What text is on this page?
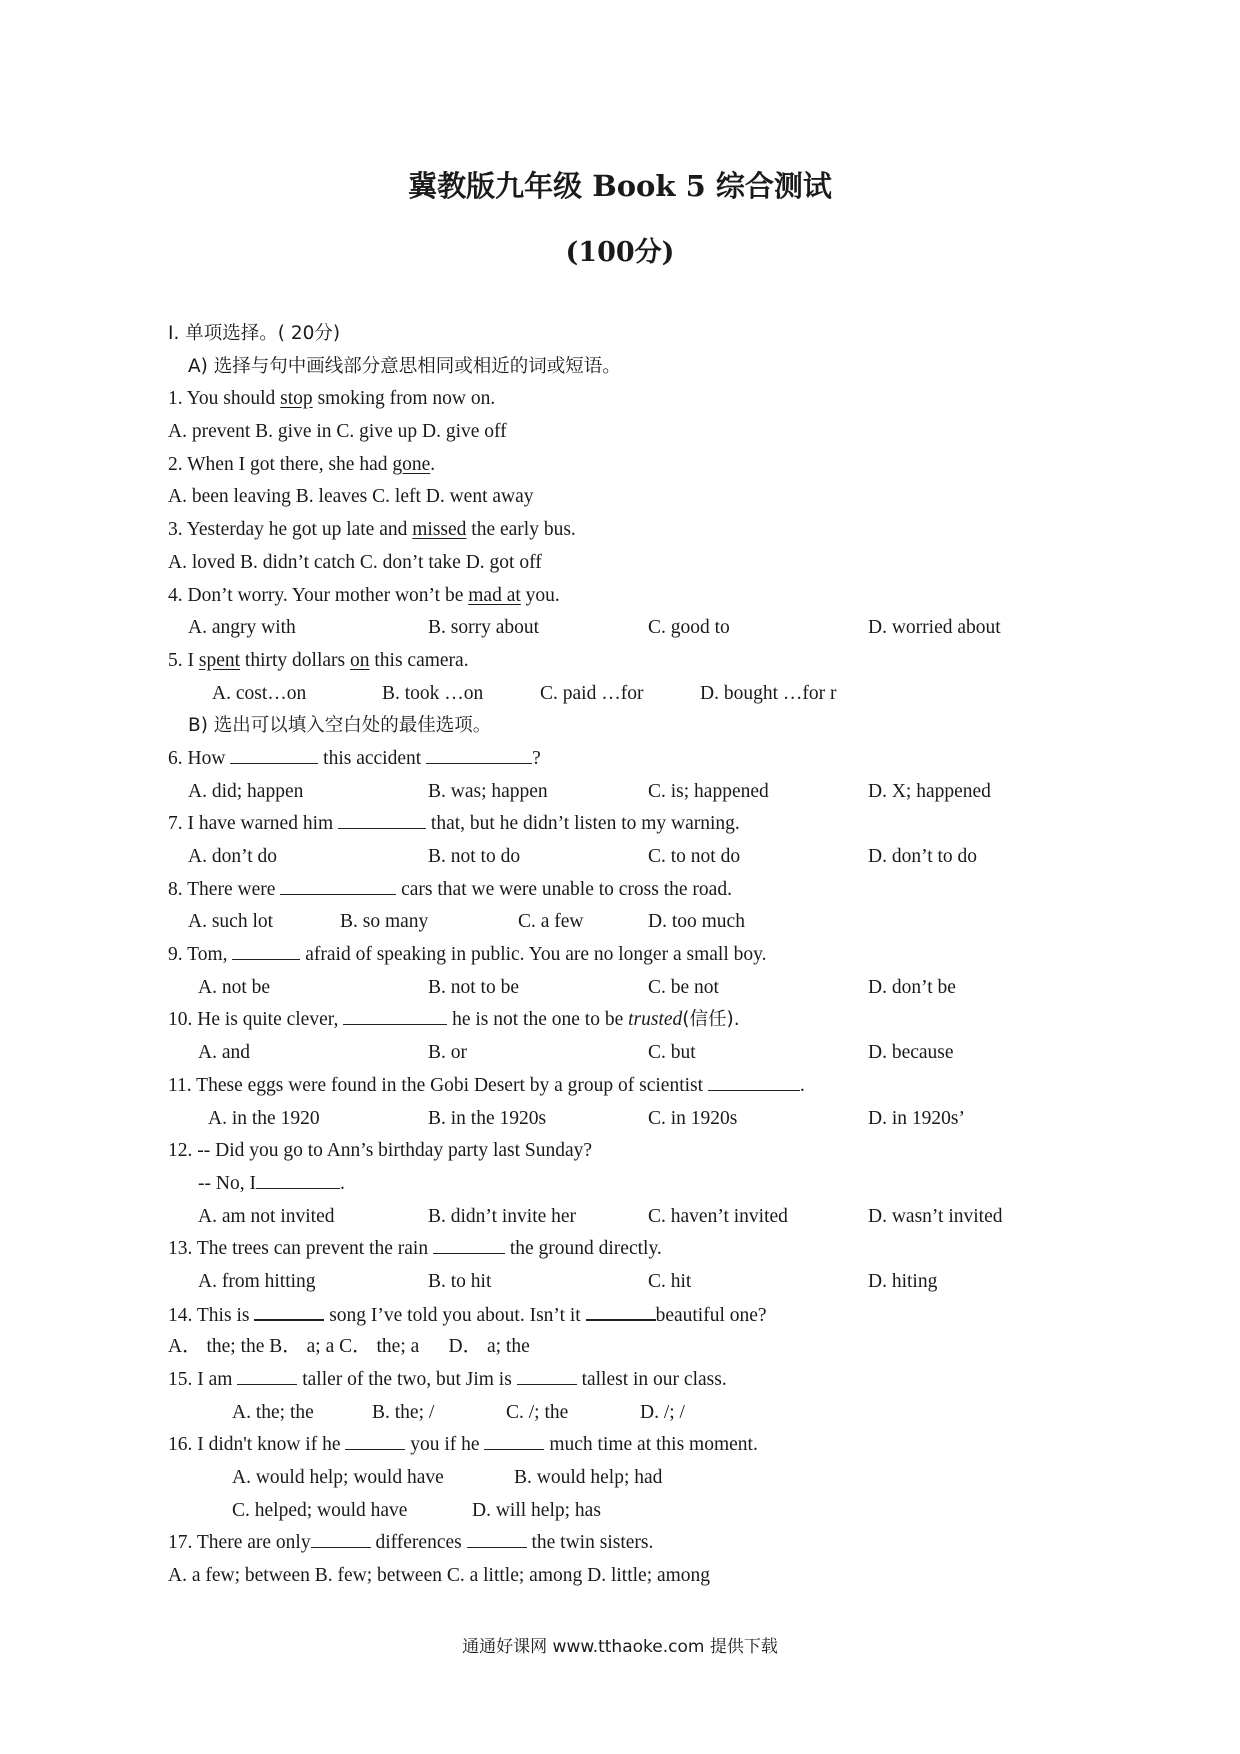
冀教版九年级 Book 5 综合测试
(100分)
I. 单项选择。( 20分)
A) 选择与句中画线部分意思相同或相近的词或短语。
1. You should stop smoking from now on.
A. prevent B. give in C. give up D. give off
2. When I got there, she had gone.
A. been leaving B. leaves C. left D. went away
3. Yesterday he got up late and missed the early bus.
A. loved B. didn’t catch C. don’t take D. got off
4. Don’t worry. Your mother won’t be mad at you.
A. angry with	B. sorry about	C. good to	D. worried about
5. I spent thirty dollars on this camera.
A. cost…on	B. took …on	C. paid …for	D. bought …for r
B) 选出可以填入空白处的最佳选项。
6. How	this accident	?
A. did; happen	B. was; happen	C. is; happened	D. X; happened
7. I have warned him	that, but he didn’t listen to my warning.
A. don’t do	B. not to do	C. to not do	D. don’t to do
8. There were	cars that we were unable to cross the road.
A. such lot	B. so many	C. a few	D. too much
9. Tom,	afraid of speaking in public. You are no longer a small boy.
A. not be	B. not to be	C. be not	D. don’t be
10. He is quite clever,	he is not the one to be trusted(信任).
A. and	B. or	C. but	D. because
11. These eggs were found in the Gobi Desert by a group of scientist	.
A. in the 1920	B. in the 1920s	C. in 1920s	D. in 1920s’
12. -- Did you go to Ann’s birthday party last Sunday?
-- No, I	.
A. am not invited	B. didn’t invite her	C. haven’t invited	D. wasn’t invited
13. The trees can prevent the rain	the ground directly.
A. from hitting	B. to hit	C. hit	D. hiting
14. This is	song I’ve told you about. Isn’t it	beautiful one?
A． the; the B． a; a C． the; a      D． a; the
15. I am	taller of the two, but Jim is	tallest in our class.
A. the; the	B. the; /	C. /; the	D. /; /
16. I didn't know if he	you if he	much time at this moment.
A. would help; would have	B. would help; had
C. helped; would have	D. will help; has
17. There are only	differences	the twin sisters.
A. a few; between B. few; between C. a little; among D. little; among
通通好课网 www.tthaoke.com 提供下载
